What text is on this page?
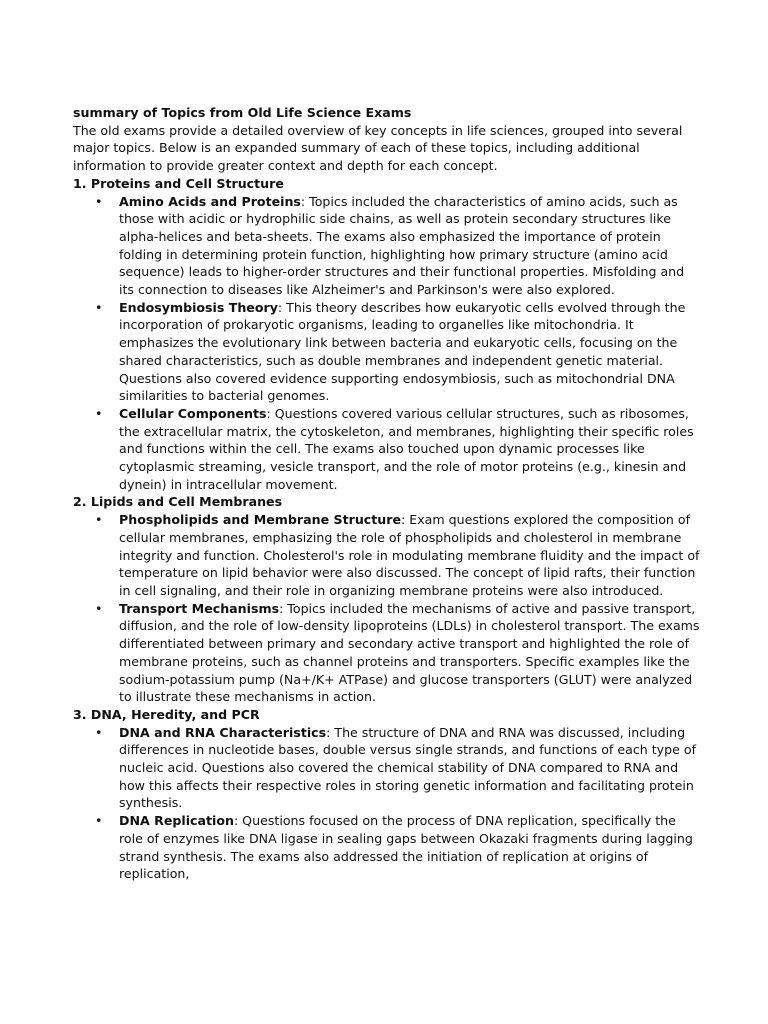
summary of Topics from Old Life Science Exams

The old exams provide a detailed overview of key concepts in life sciences, grouped into several major topics. Below is an expanded summary of each of these topics, including additional information to provide greater context and depth for each concept.

1. Proteins and Cell Structure

• Amino Acids and Proteins: Topics included the characteristics of amino acids, such as those with acidic or hydrophilic side chains, as well as protein secondary structures like alpha-helices and beta-sheets. The exams also emphasized the importance of protein folding in determining protein function, highlighting how primary structure (amino acid sequence) leads to higher-order structures and their functional properties. Misfolding and its connection to diseases like Alzheimer's and Parkinson's were also explored.
• Endosymbiosis Theory: This theory describes how eukaryotic cells evolved through the incorporation of prokaryotic organisms, leading to organelles like mitochondria. It emphasizes the evolutionary link between bacteria and eukaryotic cells, focusing on the shared characteristics, such as double membranes and independent genetic material. Questions also covered evidence supporting endosymbiosis, such as mitochondrial DNA similarities to bacterial genomes.
• Cellular Components: Questions covered various cellular structures, such as ribosomes, the extracellular matrix, the cytoskeleton, and membranes, highlighting their specific roles and functions within the cell. The exams also touched upon dynamic processes like cytoplasmic streaming, vesicle transport, and the role of motor proteins (e.g., kinesin and dynein) in intracellular movement.

2. Lipids and Cell Membranes

• Phospholipids and Membrane Structure: Exam questions explored the composition of cellular membranes, emphasizing the role of phospholipids and cholesterol in membrane integrity and function. Cholesterol's role in modulating membrane fluidity and the impact of temperature on lipid behavior were also discussed. The concept of lipid rafts, their function in cell signaling, and their role in organizing membrane proteins were also introduced.
• Transport Mechanisms: Topics included the mechanisms of active and passive transport, diffusion, and the role of low-density lipoproteins (LDLs) in cholesterol transport. The exams differentiated between primary and secondary active transport and highlighted the role of membrane proteins, such as channel proteins and transporters. Specific examples like the sodium-potassium pump (Na+/K+ ATPase) and glucose transporters (GLUT) were analyzed to illustrate these mechanisms in action.

3. DNA, Heredity, and PCR

• DNA and RNA Characteristics: The structure of DNA and RNA was discussed, including differences in nucleotide bases, double versus single strands, and functions of each type of nucleic acid. Questions also covered the chemical stability of DNA compared to RNA and how this affects their respective roles in storing genetic information and facilitating protein synthesis.
• DNA Replication: Questions focused on the process of DNA replication, specifically the role of enzymes like DNA ligase in sealing gaps between Okazaki fragments during lagging strand synthesis. The exams also addressed the initiation of replication at origins of replication,
